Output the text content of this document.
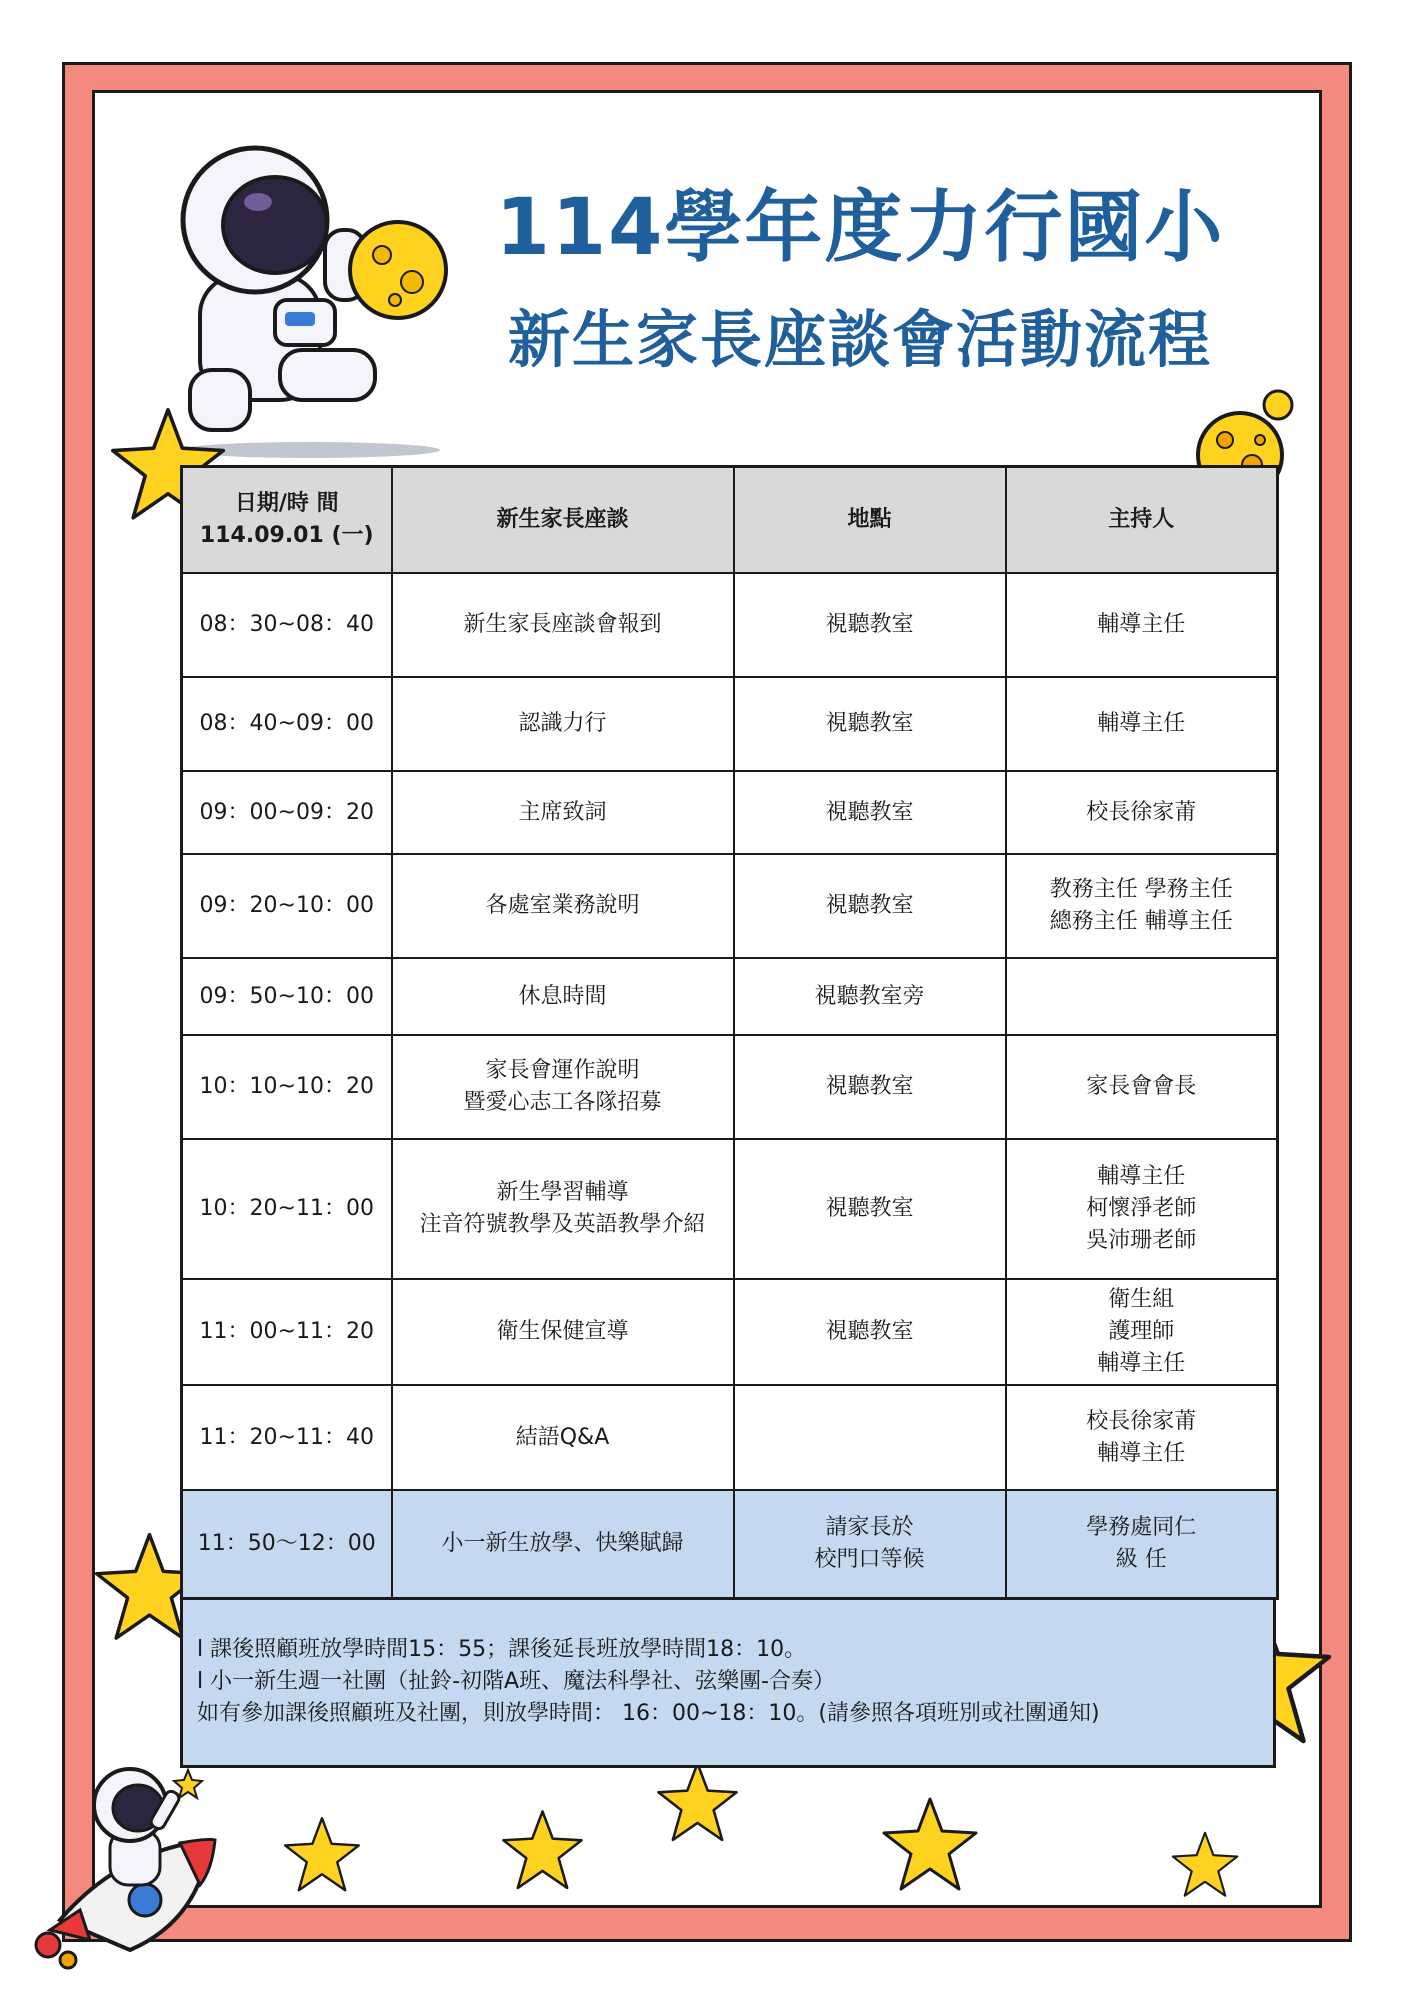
114學年度力行國小
新生家長座談會活動流程
日期/時 間
114.09.01 (一)	新生家長座談	地點	主持人
08：30~08：40	新生家長座談會報到	視聽教室	輔導主任
08：40~09：00	認識力行	視聽教室	輔導主任
09：00~09：20	主席致詞	視聽教室	校長徐家莆
09：20~10：00	各處室業務說明	視聽教室	教務主任 學務主任
總務主任 輔導主任
09：50~10：00	休息時間	視聽教室旁	
10：10~10：20	家長會運作說明
暨愛心志工各隊招募	視聽教室	家長會會長
10：20~11：00	新生學習輔導
注音符號教學及英語教學介紹	視聽教室	輔導主任
柯懷淨老師
吳沛珊老師
11：00~11：20	衛生保健宣導	視聽教室	衛生組
護理師
輔導主任
11：20~11：40	結語Q&A		校長徐家莆
輔導主任
11：50～12：00	小一新生放學、快樂賦歸	請家長於
校門口等候	學務處同仁
級 任
l 課後照顧班放學時間15：55；課後延長班放學時間18：10。
l 小一新生週一社團（扯鈴-初階A班、魔法科學社、弦樂團-合奏）
如有參加課後照顧班及社團，則放學時間： 16：00~18：10。(請參照各項班別或社團通知)
